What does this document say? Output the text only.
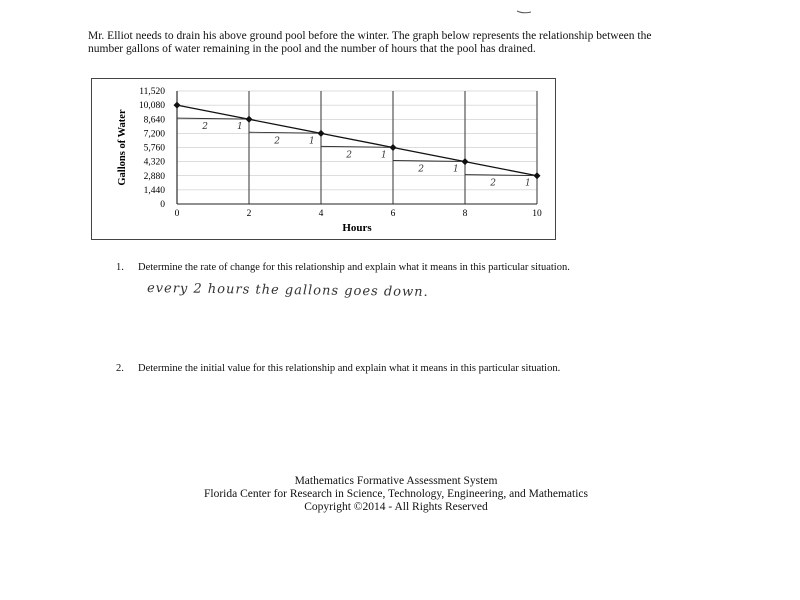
Mr. Elliot needs to drain his above ground pool before the winter. The graph below represents the relationship between the number gallons of water remaining in the pool and the number of hours that the pool has drained.

0
1,440
2,880
4,320
5,760
7,200
8,640
10,080
11,520
0	2	4	6	8	10
Hours
Gallons of Water	2	1
2	1
2	1
2	1
2	1
1. Determine the rate of change for this relationship and explain what it means in this particular situation.
every 2 hours the gallons goes down.
2. Determine the initial value for this relationship and explain what it means in this particular situation.
Mathematics Formative Assessment System
Florida Center for Research in Science, Technology, Engineering, and Mathematics
Copyright ©2014 - All Rights Reserved
